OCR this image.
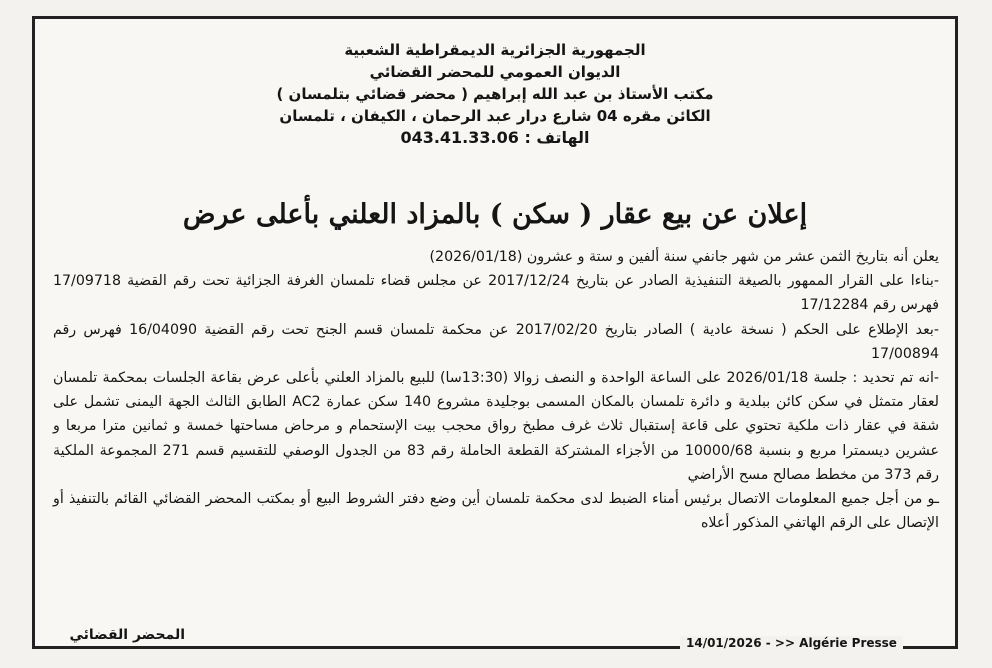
الجمهورية الجزائرية الديمقراطية الشعبية
الديوان العمومي للمحضر القضائي
مكتب الأستاذ بن عبد الله إبراهيم ( محضر قضائي بتلمسان )
الكائن مقره 04 شارع درار عبد الرحمان ، الكيفان ، تلمسان
الهاتف : 043.41.33.06
إعلان عن بيع عقار ( سكن ) بالمزاد العلني بأعلى عرض

يعلن أنه بتاريخ الثمن عشر من شهر جانفي سنة ألفين و ستة و عشرون (2026/01/18)

-بناءا على القرار الممهور بالصيغة التنفيذية الصادر عن بتاريخ 2017/12/24 عن مجلس قضاء تلمسان الغرفة الجزائية تحت رقم القضية 17/09718 فهرس رقم 17/12284

-بعد الإطلاع على الحكم ( نسخة عادية ) الصادر بتاريخ 2017/02/20 عن محكمة تلمسان قسم الجنح تحت رقم القضية 16/04090 فهرس رقم 17/00894

-انه تم تحديد : جلسة 2026/01/18 على الساعة الواحدة و النصف زوالا (13:30سا) للبيع بالمزاد العلني بأعلى عرض بقاعة الجلسات بمحكمة تلمسان لعقار متمثل في سكن كائن ببلدية و دائرة تلمسان بالمكان المسمى بوجليدة مشروع 140 سكن عمارة AC2 الطابق الثالث الجهة اليمنى تشمل على شقة في عقار ذات ملكية تحتوي على قاعة إستقبال ثلاث غرف مطبخ رواق محجب بيت الإستحمام و مرحاض مساحتها خمسة و ثمانين مترا مربعا و عشرين ديسمترا مربع و بنسبة 10000/68 من الأجزاء المشتركة القطعة الحاملة رقم 83 من الجدول الوصفي للتقسيم قسم 271 المجموعة الملكية رقم 373 من مخطط مصالح مسح الأراضي

ـو من أجل جميع المعلومات الاتصال برئيس أمناء الضبط لدى محكمة تلمسان أين وضع دفتر الشروط البيع أو بمكتب المحضر القضائي القائم بالتنفيذ أو الإتصال على الرقم الهاتفي المذكور أعلاه

المحضر القضائي	14/01/2026 - >> Algérie Presse
